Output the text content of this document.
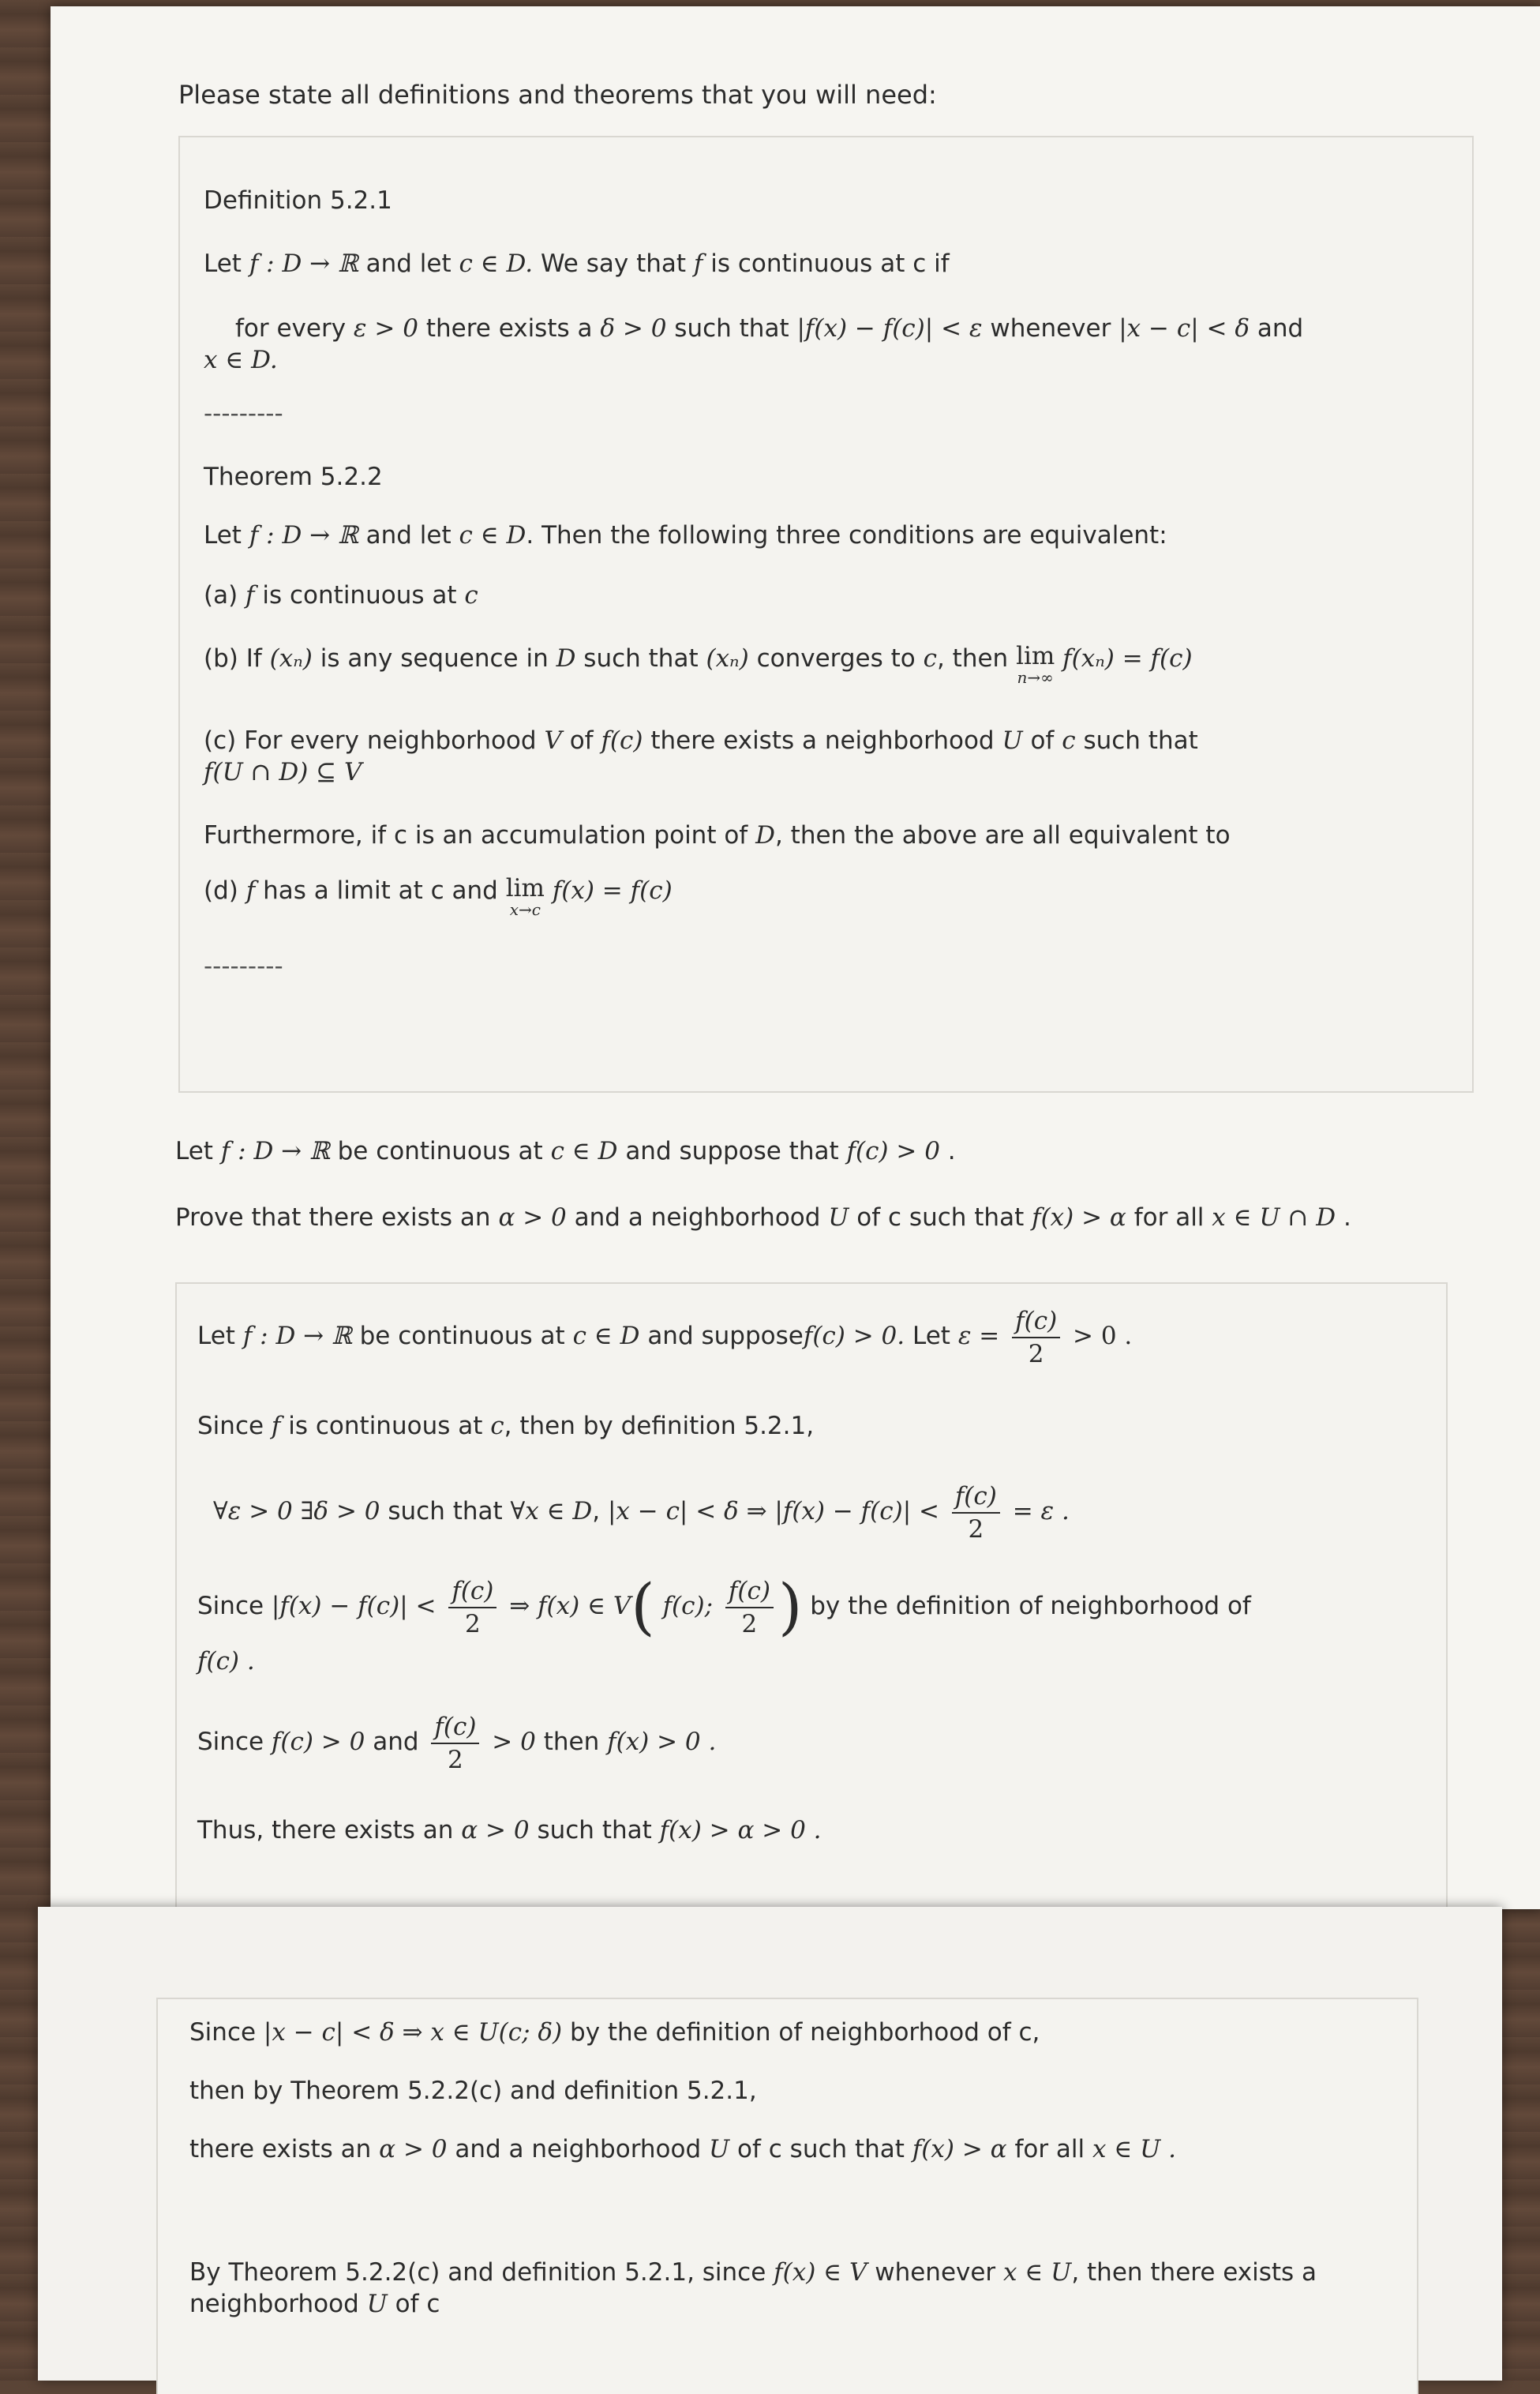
Please state all definitions and theorems that you will need:
Definition 5.2.1
Let f : D → ℝ and let c ∈ D. We say that f is continuous at c if
for every ε > 0 there exists a δ > 0 such that |f(x) − f(c)| < ε whenever |x − c| < δ and
x ∈ D.
---------
Theorem 5.2.2
Let f : D → ℝ and let c ∈ D. Then the following three conditions are equivalent:
(a) f is continuous at c
(b) If (xₙ) is any sequence in D such that (xₙ) converges to c, then lim
n→∞
f(xₙ) = f(c)
(c) For every neighborhood V of f(c) there exists a neighborhood U of c such that
f(U ∩ D) ⊆ V
Furthermore, if c is an accumulation point of D, then the above are all equivalent to
(d) f has a limit at c and lim
x→c
f(x) = f(c)
---------
Let f : D → ℝ be continuous at c ∈ D and suppose that f(c) > 0 .
Prove that there exists an α > 0 and a neighborhood U of c such that f(x) > α for all x ∈ U ∩ D .
Let f : D → ℝ be continuous at c ∈ D and supposef(c) > 0. Let $\varepsilon = \frac{f(c)}{2} > 0$ .
Since f is continuous at c, then by definition 5.2.1,
∀ε > 0 ∃δ > 0 such that ∀x ∈ D, |x − c| < δ ⇒ $|f(x) - f(c)| < \frac{f(c)}{2} = \varepsilon$ .
Since $|f(x) - f(c)| < \frac{f(c)}{2}$ ⇒ f(x) ∈ V( f(c); $\frac{f(c)}{2}$ ) by the definition of neighborhood of
f(c) .
Since f(c) > 0 and $\frac{f(c)}{2} > 0$ then f(x) > 0 .
Thus, there exists an α > 0 such that f(x) > α > 0 .
Since |x − c| < δ ⇒ x ∈ U(c; δ) by the definition of neighborhood of c,
then by Theorem 5.2.2(c) and definition 5.2.1,
there exists an α > 0 and a neighborhood U of c such that f(x) > α for all x ∈ U .
By Theorem 5.2.2(c) and definition 5.2.1, since f(x) ∈ V whenever x ∈ U, then there exists a
neighborhood U of c
